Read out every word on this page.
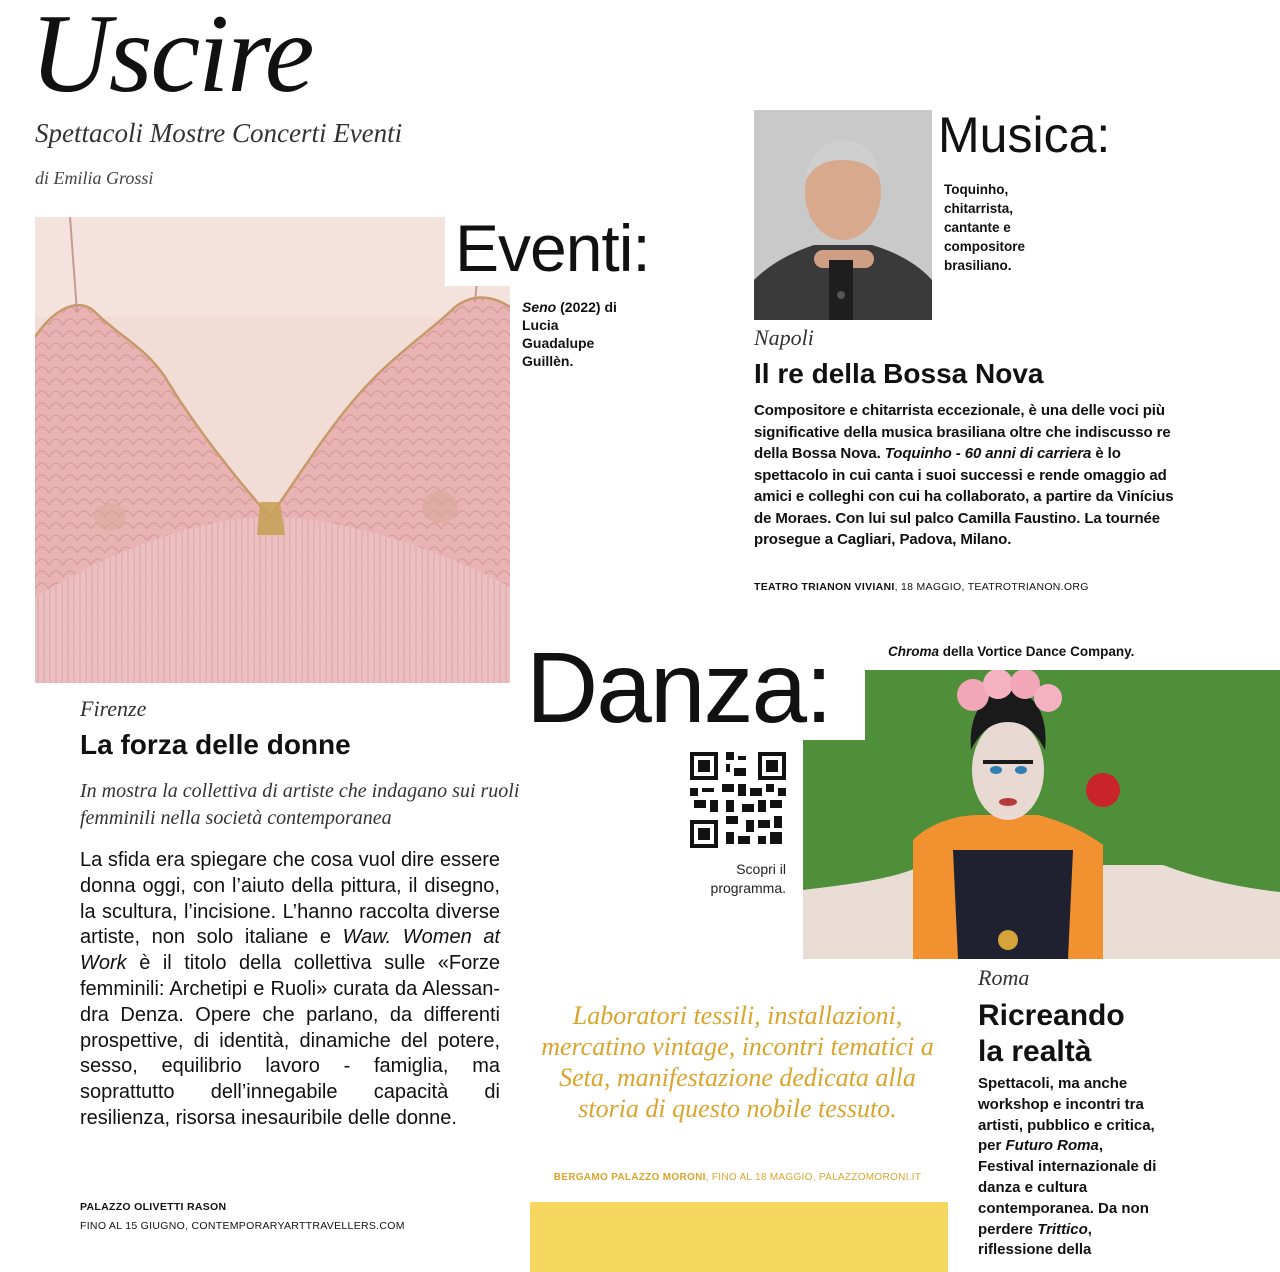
Uscire
Spettacoli Mostre Concerti Eventi
di Emilia Grossi
Eventi:
Seno (2022) di Lucia Guadalupe Guillèn.
Firenze
La forza delle donne
In mostra la collettiva di artiste che indagano sui ruoli femminili nella società contemporanea
La sfida era spiegare che cosa vuol dire essere donna oggi, con l’aiuto della pittura, il disegno, la scultura, l’incisione. L’hanno raccolta diverse artiste, non solo italiane e Waw. Women at Work è il titolo della collettiva sulle «Forze femminili: Archetipi e Ruoli» curata da Alessandra Denza. Opere che parlano, da differenti prospettive, di identità, dinamiche del potere, sesso, equilibrio lavoro - famiglia, ma soprattutto dell’innegabile capacità di resilienza, risorsa inesauribile delle donne.
PALAZZO OLIVETTI RASON
FINO AL 15 GIUGNO, CONTEMPORARYARTTRAVELLERS.COM
Musica:
Toquinho, chitarrista, cantante e compositore brasiliano.
Napoli
Il re della Bossa Nova
Compositore e chitarrista eccezionale, è una delle voci più significative della musica brasiliana oltre che indiscusso re della Bossa Nova. Toquinho - 60 anni di carriera è lo spettacolo in cui canta i suoi successi e rende omaggio ad amici e colleghi con cui ha collaborato, a partire da Vinícius de Moraes. Con lui sul palco Camilla Faustino. La tournée prosegue a Cagliari, Padova, Milano.
TEATRO TRIANON VIVIANI, 18 MAGGIO, TEATROTRIANON.ORG
Chroma della Vortice Dance Company.
Danza:
Scopri il programma.
Roma
Ricreando la realtà
Spettacoli, ma anche workshop e incontri tra artisti, pubblico e critica, per Futuro Roma, Festival internazionale di danza e cultura contemporanea. Da non perdere Trittico, riflessione della
Laboratori tessili, installazioni, mercatino vintage, incontri tematici a Seta, manifestazione dedicata alla storia di questo nobile tessuto.
BERGAMO PALAZZO MORONI, FINO AL 18 MAGGIO, PALAZZOMORONI.IT
